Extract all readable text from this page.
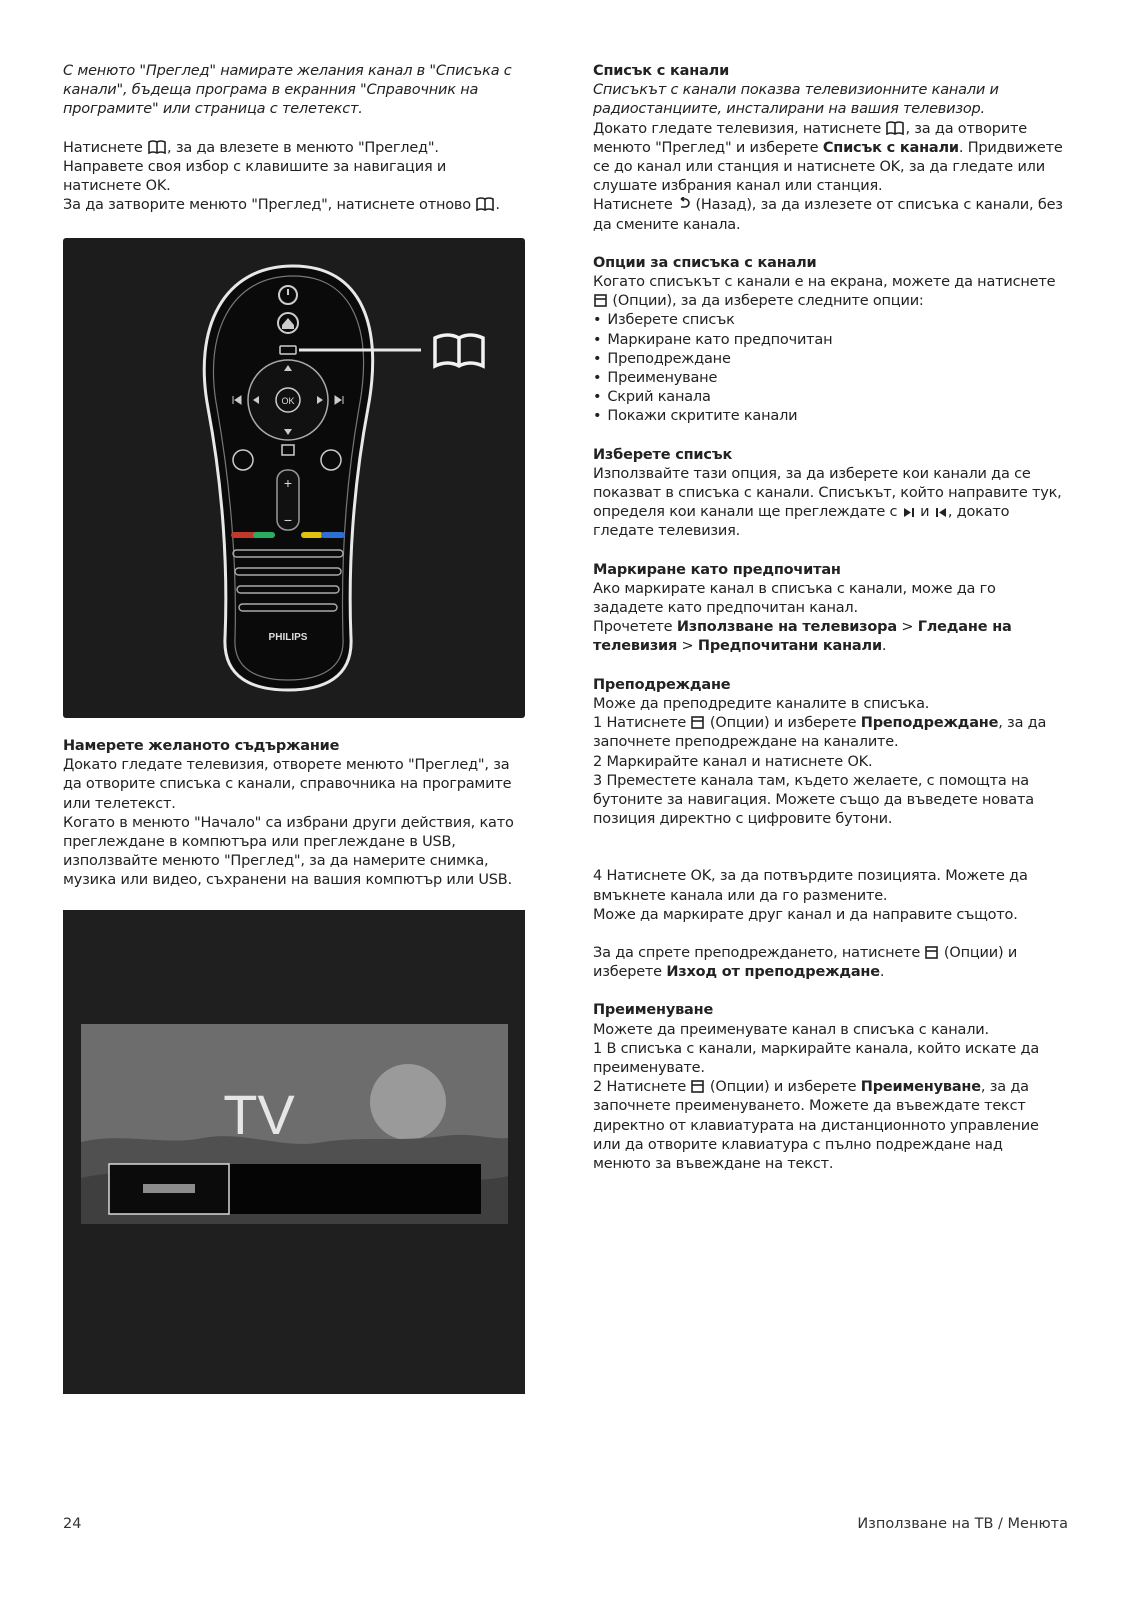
С менюто "Преглед" намирате желания канал в "Списъка с канали", бъдеща програма в екранния "Справочник на програмите" или страница с телетекст.

Натиснете , за да влезете в менюто "Преглед".

Направете своя избор с клавишите за навигация и натиснете OK.

За да затворите менюто "Преглед", натиснете отново .

OK
+
−
PHILIPS

Намерете желаното съдържание

Докато гледате телевизия, отворете менюто "Преглед", за да отворите списъка с канали, справочника на програмите или телетекст.

Когато в менюто "Начало" са избрани други действия, като преглеждане в компютъра или преглеждане в USB, използвайте менюто "Преглед", за да намерите снимка, музика или видео, съхранени на вашия компютър или USB.

TV

Списък с канали

Списъкът с канали показва телевизионните канали и радиостанциите, инсталирани на вашия телевизор.

Докато гледате телевизия, натиснете , за да отворите менюто "Преглед" и изберете Списък с канали. Придвижете се до канал или станция и натиснете OK, за да гледате или слушате избрания канал или станция.

Натиснете (Назад), за да излезете от списъка с канали, без да смените канала.

Опции за списъка с канали

Когато списъкът с канали е на екрана, можете да натиснете  (Опции), за да изберете следните опции:

• Изберете списък
• Маркиране като предпочитан
• Преподреждане
• Преименуване
• Скрий канала
• Покажи скритите канали

Изберете списък

Използвайте тази опция, за да изберете кои канали да се показват в списъка с канали. Списъкът, който направите тук, определя кои канали ще преглеждате с и , докато гледате телевизия.

Маркиране като предпочитан

Ако маркирате канал в списъка с канали, може да го зададете като предпочитан канал.

Прочетете Използване на телевизора > Гледане на телевизия > Предпочитани канали.

Преподреждане

Може да преподредите каналите в списъка.

1 Натиснете (Опции) и изберете Преподреждане, за да започнете преподреждане на каналите.

2 Маркирайте канал и натиснете OK.

3 Преместете канала там, където желаете, с помощта на бутоните за навигация. Можете също да въведете новата позиция директно с цифровите бутони.

4 Натиснете OK, за да потвърдите позицията. Можете да вмъкнете канала или да го размените.

Може да маркирате друг канал и да направите същото.

За да спрете преподреждането, натиснете (Опции) и изберете Изход от преподреждане.

Преименуване

Можете да преименувате канал в списъка с канали.

1 В списъка с канали, маркирайте канала, който искате да преименувате.

2 Натиснете (Опции) и изберете Преименуване, за да започнете преименуването. Можете да въвеждате текст директно от клавиатурата на дистанционното управление или да отворите клавиатура с пълно подреждане над менюто за въвеждане на текст.

24	Използване на ТВ / Менюта
